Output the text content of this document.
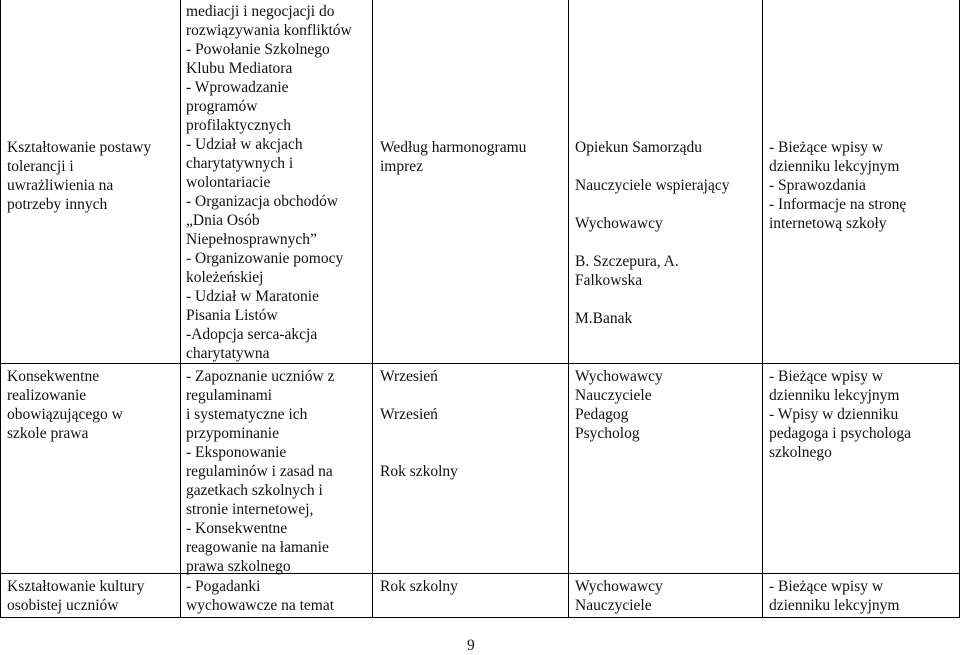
Kształtowanie postawy
tolerancji i
uwrażliwienia na
potrzeby innych
mediacji i negocjacji do
rozwiązywania konfliktów
- Powołanie Szkolnego
Klubu Mediatora
- Wprowadzanie
programów
profilaktycznych
- Udział w akcjach
charytatywnych i
wolontariacie
- Organizacja obchodów
„Dnia Osób
Niepełnosprawnych”
- Organizowanie pomocy
koleżeńskiej
- Udział w Maratonie
Pisania Listów
-Adopcja serca-akcja
charytatywna
Według harmonogramu
imprez
Opiekun Samorządu

Nauczyciele wspierający

Wychowawcy

B. Szczepura, A.
Falkowska

M.Banak
- Bieżące wpisy w
dzienniku lekcyjnym
- Sprawozdania
- Informacje na stronę
internetową szkoły
Konsekwentne
realizowanie
obowiązującego w
szkole prawa
- Zapoznanie uczniów z
regulaminami
i systematyczne ich
przypominanie
- Eksponowanie
regulaminów i zasad na
gazetkach szkolnych i
stronie internetowej,
- Konsekwentne
reagowanie na łamanie
prawa szkolnego
Wrzesień

Wrzesień

Rok szkolny
Wychowawcy
Nauczyciele
Pedagog
Psycholog
- Bieżące wpisy w
dzienniku lekcyjnym
- Wpisy w dzienniku
pedagoga i psychologa
szkolnego
Kształtowanie kultury
osobistej uczniów
- Pogadanki
wychowawcze na temat
Rok szkolny	Wychowawcy
Nauczyciele
- Bieżące wpisy w
dzienniku lekcyjnym
9
